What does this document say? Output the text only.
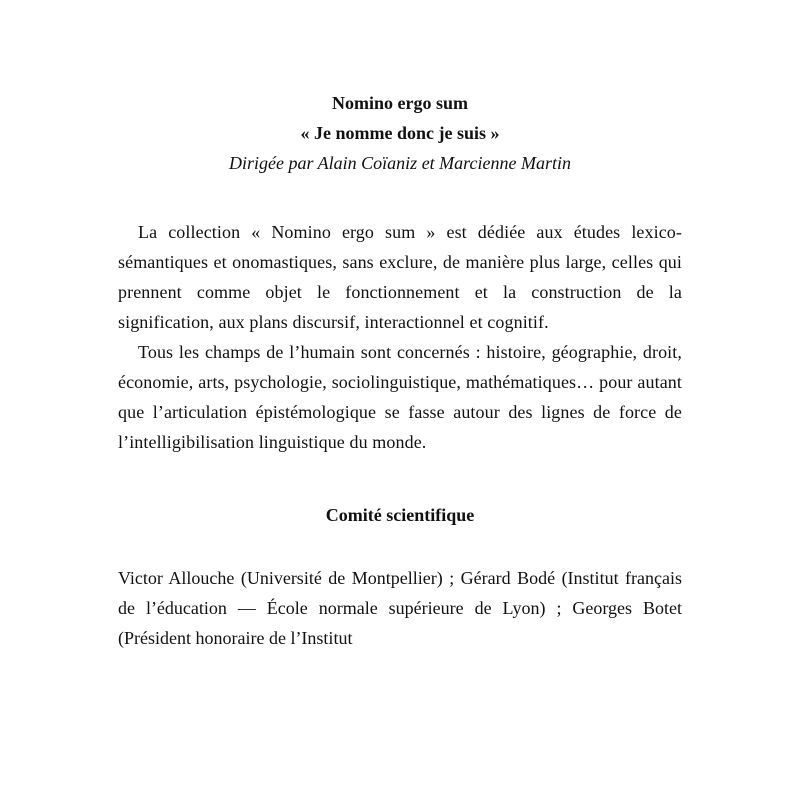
Nomino ergo sum

« Je nomme donc je suis »

Dirigée par Alain Coïaniz et Marcienne Martin

La collection « Nomino ergo sum » est dédiée aux études lexico-sémantiques et onomastiques, sans exclure, de manière plus large, celles qui prennent comme objet le fonctionnement et la construction de la signification, aux plans discursif, interactionnel et cognitif.

Tous les champs de l’humain sont concernés : histoire, géographie, droit, économie, arts, psychologie, sociolinguistique, mathématiques… pour autant que l’articulation épistémologique se fasse autour des lignes de force de l’intelligibilisation linguistique du monde.

Comité scientifique

Victor Allouche (Université de Montpellier) ; Gérard Bodé (Institut français de l’éducation — École normale supérieure de Lyon) ; Georges Botet (Président honoraire de l’Institut
